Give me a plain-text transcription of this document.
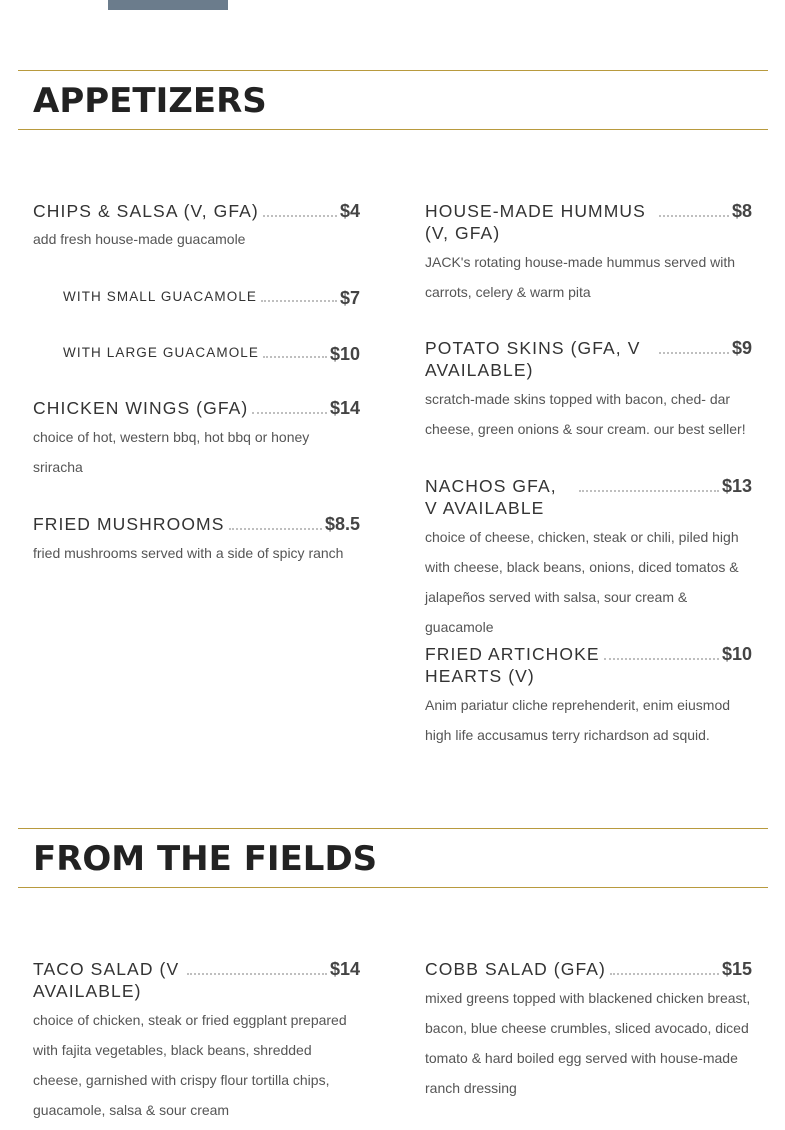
APPETIZERS
CHIPS & SALSA (V, GFA)	$4
add fresh house-made guacamole
WITH SMALL GUACAMOLE	$7
WITH LARGE GUACAMOLE	$10
CHICKEN WINGS (GFA)	$14
choice of hot, western bbq, hot bbq or honey sriracha
FRIED MUSHROOMS	$8.5
fried mushrooms served with a side of spicy ranch
HOUSE-MADE HUMMUS (V, GFA)
$8
JACK's rotating house-made hummus served with carrots, celery & warm pita
POTATO SKINS (GFA, V AVAILABLE)
$9
scratch-made skins topped with bacon, ched- dar cheese, green onions & sour cream. our best seller!
NACHOS GFA, V AVAILABLE
$13
choice of cheese, chicken, steak or chili, piled high with cheese, black beans, onions, diced tomatos & jalapeños served with salsa, sour cream & guacamole
FRIED ARTICHOKE HEARTS (V)
$10
Anim pariatur cliche reprehenderit, enim eiusmod high life accusamus terry richardson ad squid.
FROM THE FIELDS
TACO SALAD (V AVAILABLE)
$14
choice of chicken, steak or fried eggplant prepared with fajita vegetables, black beans, shredded cheese, garnished with crispy flour tortilla chips, guacamole, salsa & sour cream
COBB SALAD (GFA)	$15
mixed greens topped with blackened chicken breast, bacon, blue cheese crumbles, sliced avocado, diced tomato & hard boiled egg served with house-made ranch dressing
